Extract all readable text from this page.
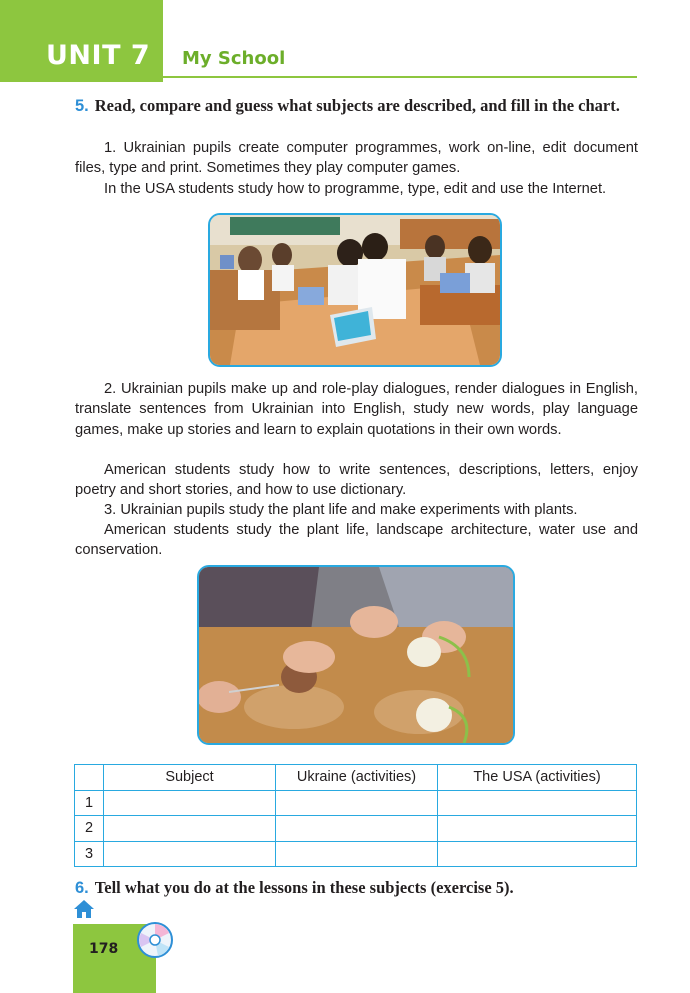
UNIT 7 My School
5. Read, compare and guess what subjects are described, and fill in the chart.

1. Ukrainian pupils create computer programmes, work on-line, edit document files, type and print. Sometimes they play computer games.

In the USA students study how to programme, type, edit and use the Internet.

2. Ukrainian pupils make up and role-play dialogues, render dialogues in English, translate sentences from Ukrainian into English, study new words, play language games, make up stories and learn to explain quotations in their own words.

American students study how to write sentences, descriptions, letters, enjoy poetry and short stories, and how to use dictionary.

3. Ukrainian pupils study the plant life and make experiments with plants.

American students study the plant life, landscape architecture, water use and conservation.

	Subject	Ukraine (activities)	The USA (activities)
1			
2			
3			
6. Tell what you do at the lessons in these subjects (exercise 5).
178
